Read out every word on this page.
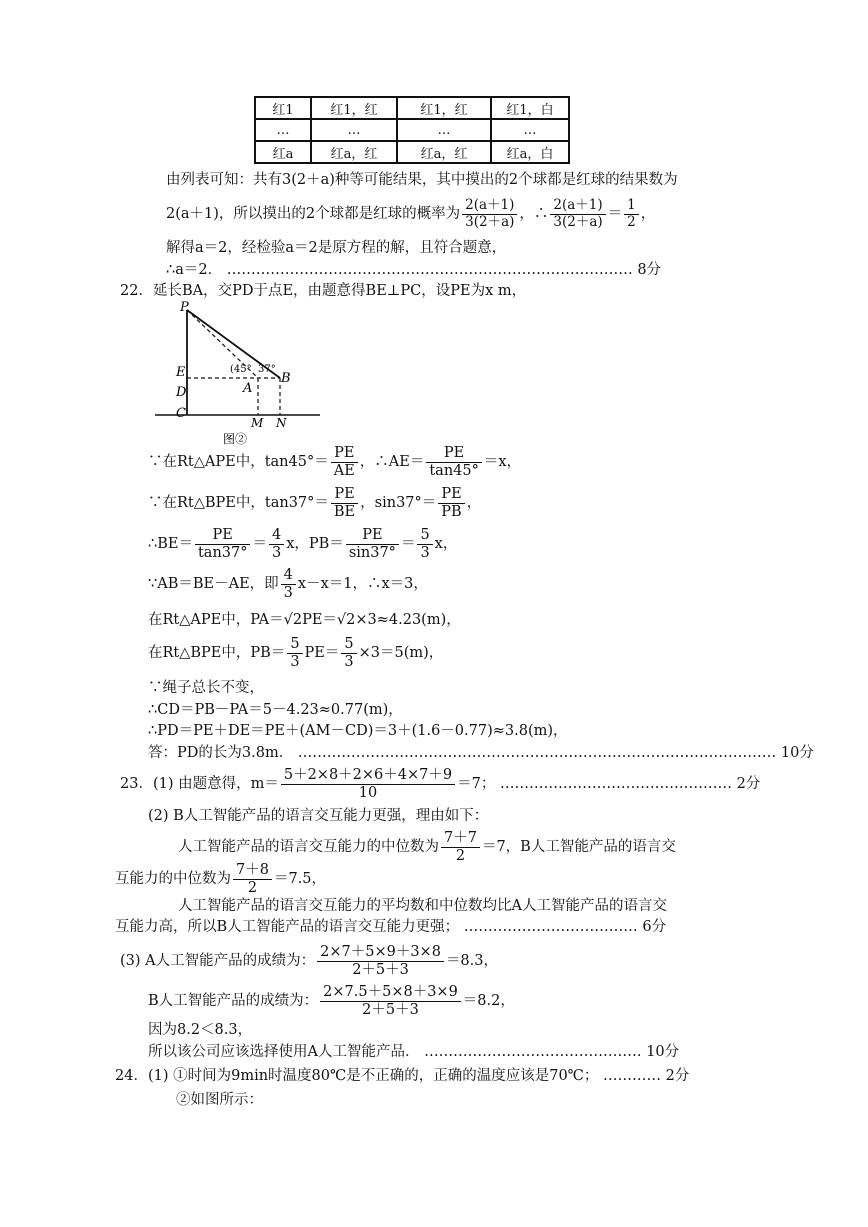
红1	红1，红	红1，红	红1，白
…	…	…	…
红a	红a，红	红a，红	红a，白
由列表可知：共有3(2＋a)种等可能结果，其中摸出的2个球都是红球的结果数为
2(a＋1)，所以摸出的2个球都是红球的概率为 $\frac{2(a+1)}{3(2+a)}$ ，∴ $\frac{2(a+1)}{3(2+a)} = \frac{1}{2}$ ，
解得a＝2，经检验a＝2是原方程的解，且符合题意，
∴a＝2． ………………………………………………………………………… 8分
22．延长BA，交PD于点E，由题意得BE⊥PC，设PE为x m，
P
E
D
C
A
B
M N
(45° 37°
图②
∵在Rt△APE中，$\tan 45^\circ= \frac{PE}{AE}$ ，∴AE＝ $\frac{PE}{\tan 45^\circ} =x$，
∵在Rt△BPE中，$\tan 37^\circ= \frac{PE}{BE}$ ，$\sin 37^\circ= \frac{PE}{PB}$ ，
∴BE＝ $\frac{PE}{\tan 37^\circ} = \frac{4}{3}$ x，$PB= \frac{PE}{\sin 37^\circ} = \frac{5}{3}$ x，
∵AB＝BE－AE，即 $\frac{4}{3} x-x=1$，∴x＝3，
在Rt△APE中，PA＝√2PE＝√2×3≈4.23(m)，
在Rt△BPE中，$PB= \frac{5}{3} PE= \frac{5}{3} \times 3=5(m)$，
∵绳子总长不变，
∴CD＝PB－PA＝5－4.23≈0.77(m)，
∴PD＝PE＋DE＝PE＋(AM－CD)＝3＋(1.6－0.77)≈3.8(m)，
答：PD的长为3.8m． ……………………………………………………………………………………… 10分
23．(1) 由题意得，$m= \frac{5+2\times 8+2\times 6+4\times 7+9}{10} =7$； ………………………………………… 2分
(2) B人工智能产品的语言交互能力更强，理由如下：
人工智能产品的语言交互能力的中位数为 $\frac{7+7}{2} =7$，B人工智能产品的语言交
互能力的中位数为 $\frac{7+8}{2} =7.5$，
人工智能产品的语言交互能力的平均数和中位数均比A人工智能产品的语言交
互能力高，所以B人工智能产品的语言交互能力更强； ……………………………… 6分
(3) A人工智能产品的成绩为： $\frac{2\times 7+5\times 9+3\times 8}{2+5+3} =8.3$，
B人工智能产品的成绩为： $\frac{2\times 7.5+5\times 8+3\times 9}{2+5+3} =8.2$，
因为8.2＜8.3，
所以该公司应该选择使用A人工智能产品． ……………………………………… 10分
24．(1) ①时间为9min时温度80℃是不正确的，正确的温度应该是70℃； ………… 2分
②如图所示：
